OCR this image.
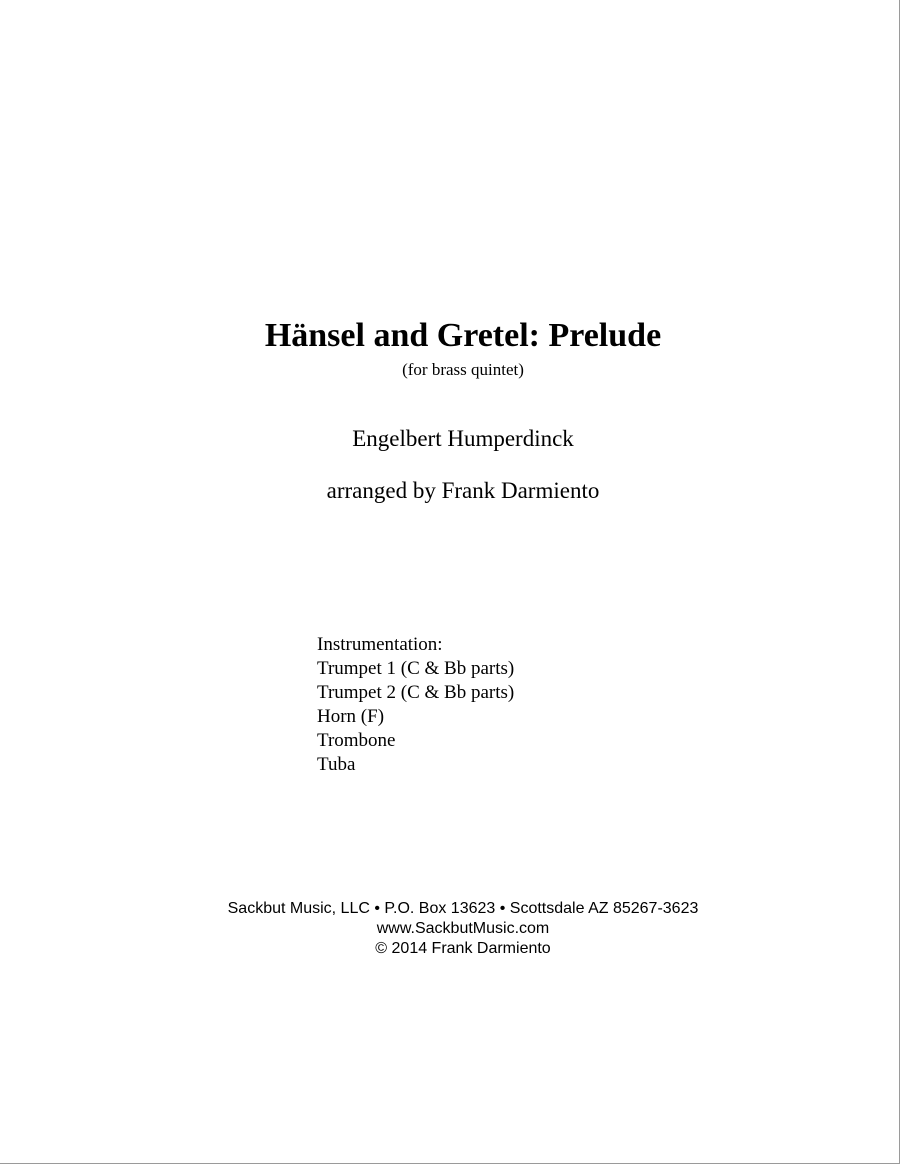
Hänsel and Gretel: Prelude
(for brass quintet)
Engelbert Humperdinck
arranged by Frank Darmiento
Instrumentation:
Trumpet 1 (C & Bb parts)
Trumpet 2 (C & Bb parts)
Horn (F)
Trombone
Tuba
Sackbut Music, LLC • P.O. Box 13623 • Scottsdale AZ 85267-3623
www.SackbutMusic.com
© 2014 Frank Darmiento
